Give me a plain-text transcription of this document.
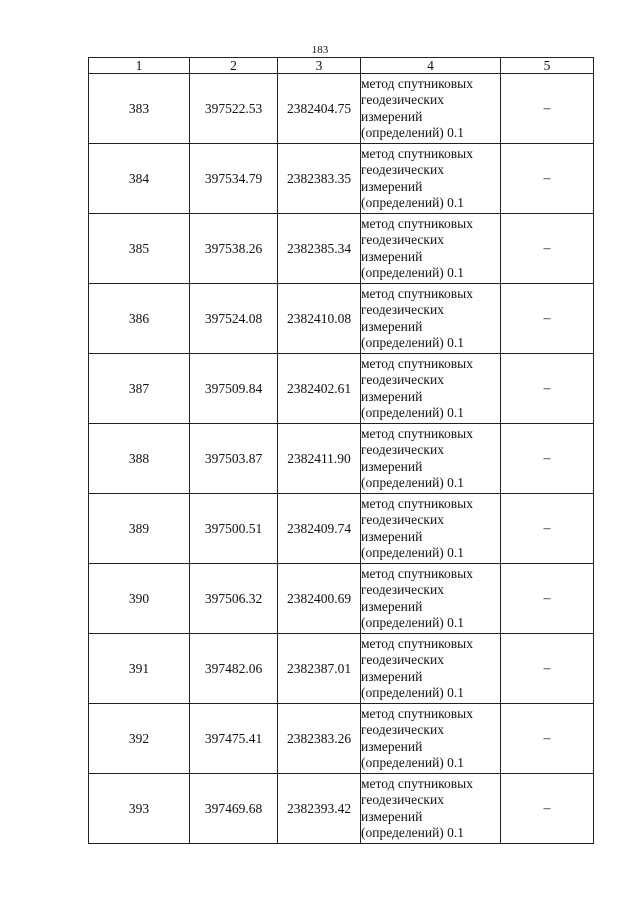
183
1	2	3	4	5
383	397522.53	2382404.75	метод спутниковых
геодезических
измерений
(определений) 0.1	–
384	397534.79	2382383.35	метод спутниковых
геодезических
измерений
(определений) 0.1	–
385	397538.26	2382385.34	метод спутниковых
геодезических
измерений
(определений) 0.1	–
386	397524.08	2382410.08	метод спутниковых
геодезических
измерений
(определений) 0.1	–
387	397509.84	2382402.61	метод спутниковых
геодезических
измерений
(определений) 0.1	–
388	397503.87	2382411.90	метод спутниковых
геодезических
измерений
(определений) 0.1	–
389	397500.51	2382409.74	метод спутниковых
геодезических
измерений
(определений) 0.1	–
390	397506.32	2382400.69	метод спутниковых
геодезических
измерений
(определений) 0.1	–
391	397482.06	2382387.01	метод спутниковых
геодезических
измерений
(определений) 0.1	–
392	397475.41	2382383.26	метод спутниковых
геодезических
измерений
(определений) 0.1	–
393	397469.68	2382393.42	метод спутниковых
геодезических
измерений
(определений) 0.1	–
